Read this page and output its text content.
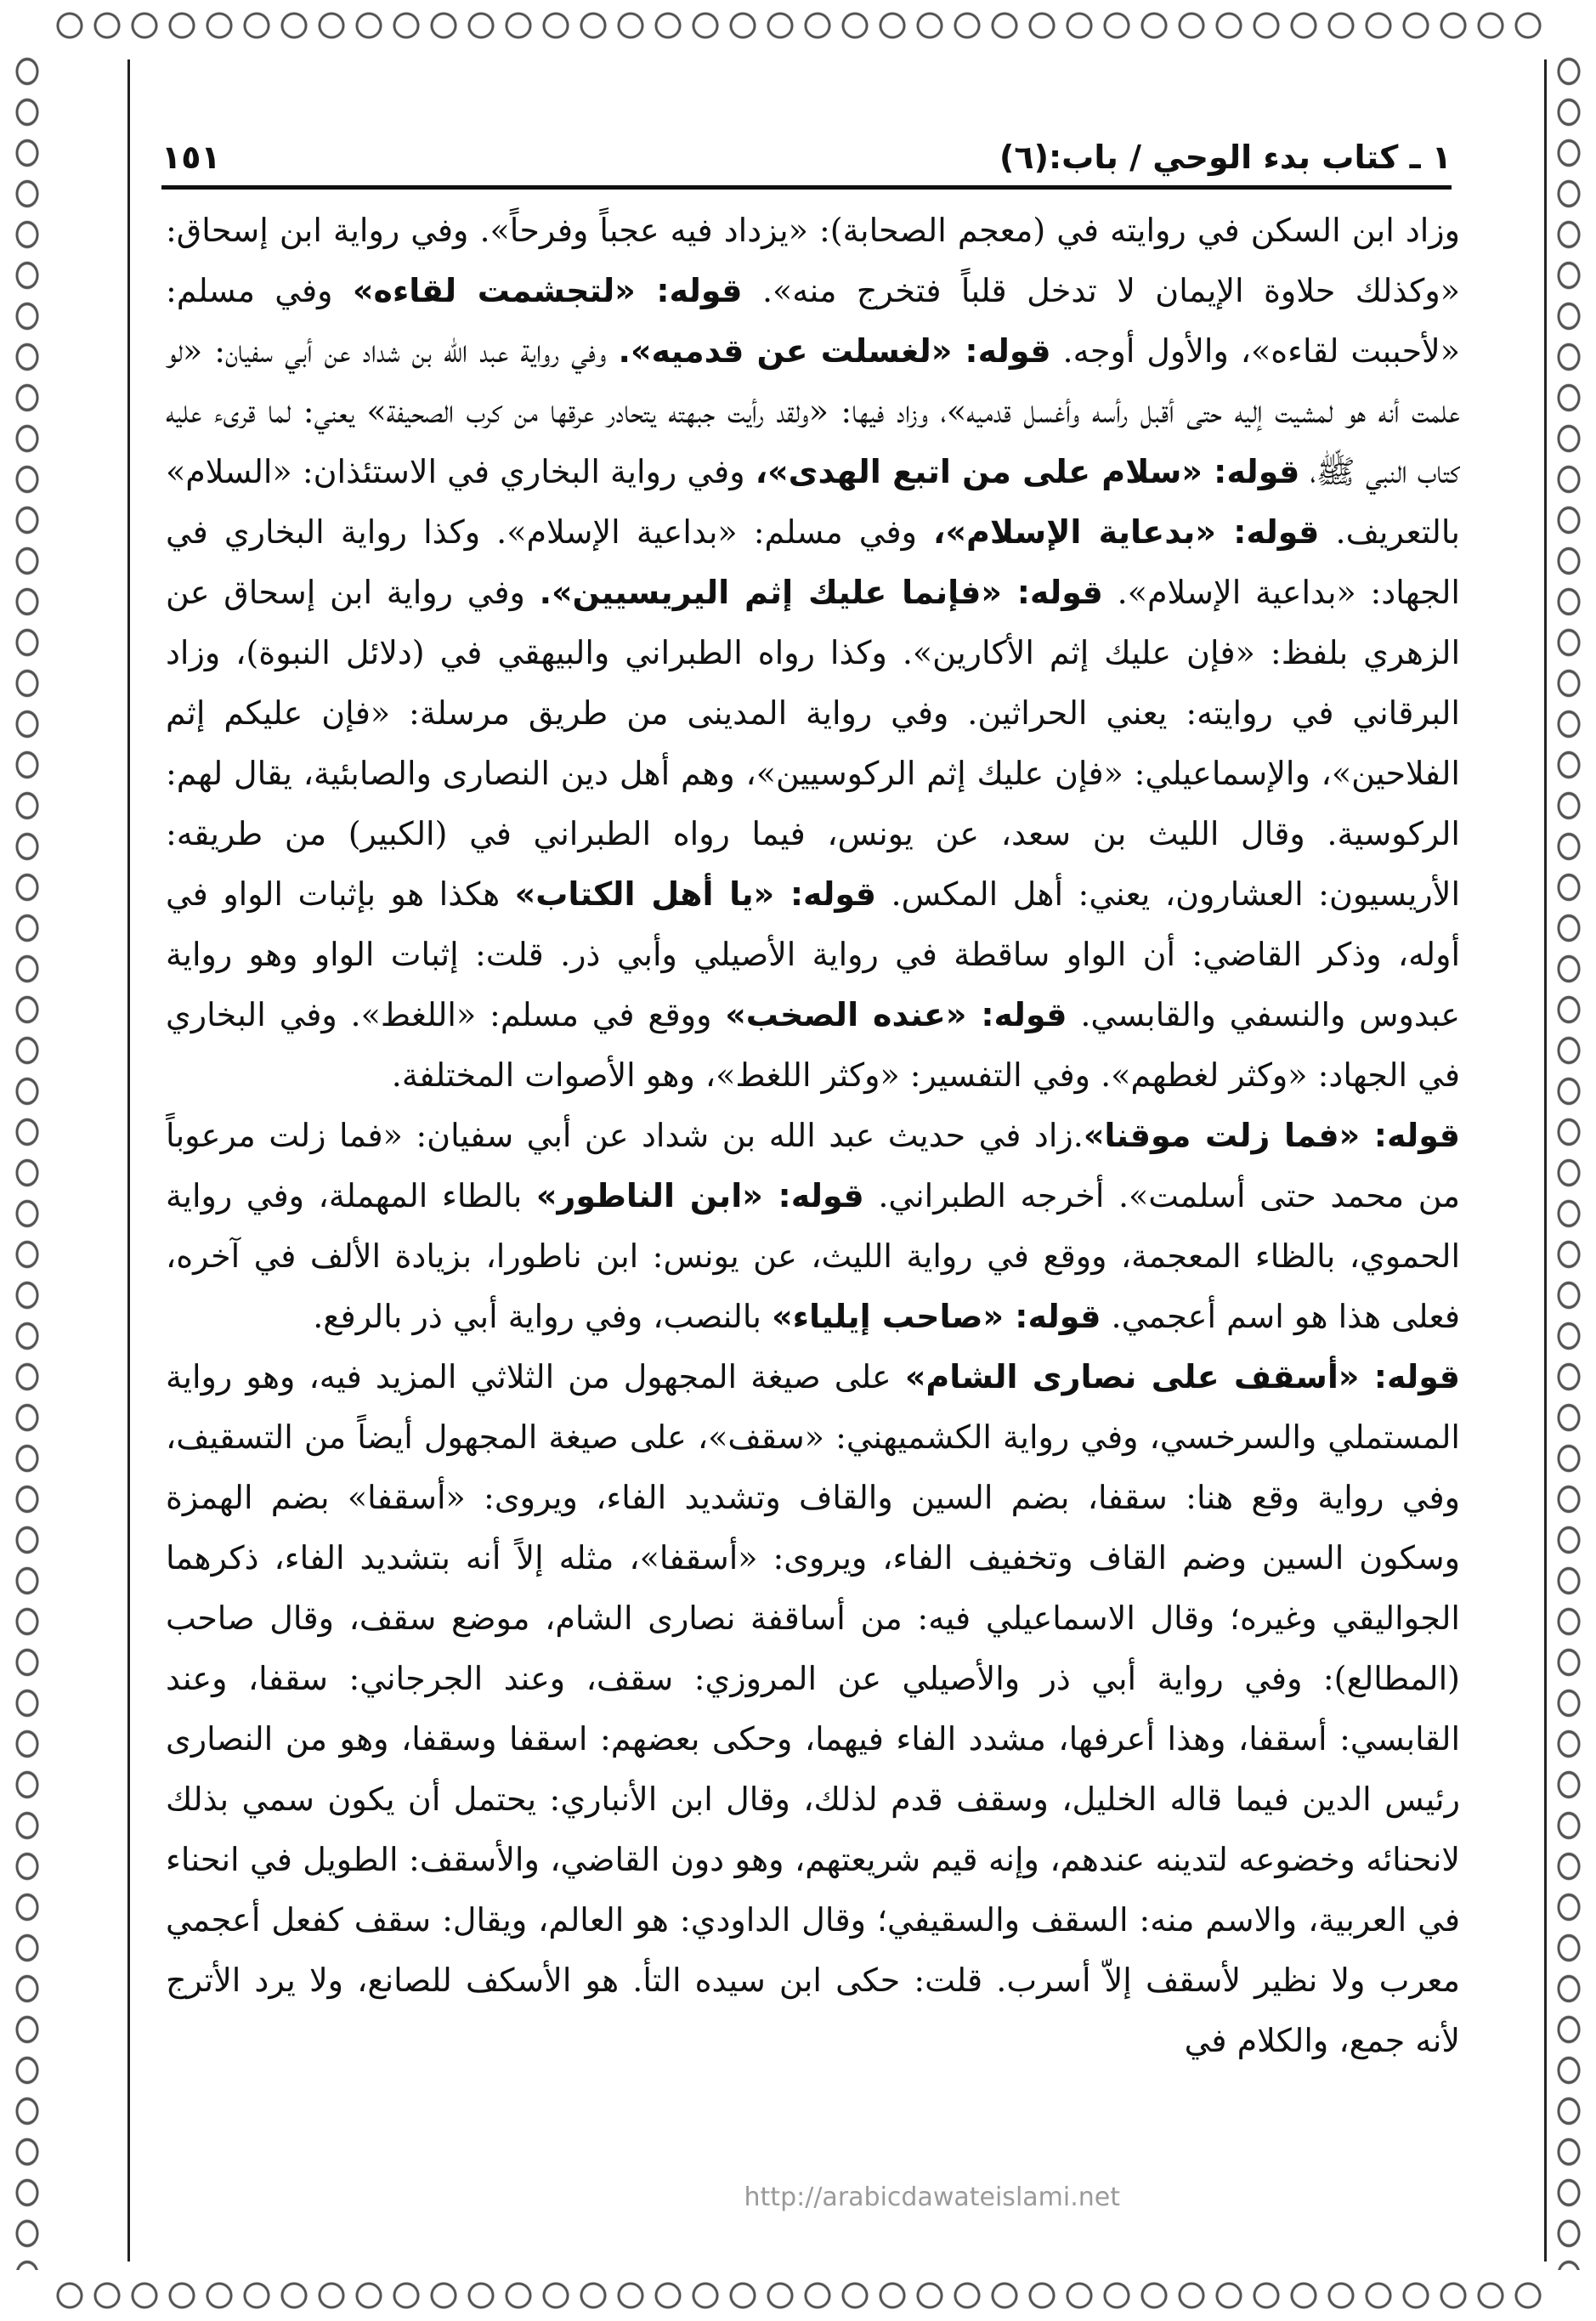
١ ـ كتاب بدء الوحي / باب:(٦)
١٥١

وزاد ابن السكن في روايته في (معجم الصحابة): «يزداد فيه عجباً وفرحاً». وفي رواية ابن إسحاق: «وكذلك حلاوة الإيمان لا تدخل قلباً فتخرج منه». قوله: «لتجشمت لقاءه» وفي مسلم: «لأحببت لقاءه»، والأول أوجه. قوله: «لغسلت عن قدميه». وفي رواية عبد الله بن شداد عن أبي سفيان: «لو علمت أنه هو لمشيت إليه حتى أقبل رأسه وأغسل قدميه»، وزاد فيها: «ولقد رأيت جبهته يتحادر عرقها من كرب الصحيفة» يعني: لما قرىء عليه كتاب النبي ﷺ، قوله: «سلام على من اتبع الهدى»، وفي رواية البخاري في الاستئذان: «السلام» بالتعريف. قوله: «بدعاية الإسلام»، وفي مسلم: «بداعية الإسلام». وكذا رواية البخاري في الجهاد: «بداعية الإسلام». قوله: «فإنما عليك إثم اليريسيين». وفي رواية ابن إسحاق عن الزهري بلفظ: «فإن عليك إثم الأكارين». وكذا رواه الطبراني والبيهقي في (دلائل النبوة)، وزاد البرقاني في روايته: يعني الحراثين. وفي رواية المدينى من طريق مرسلة: «فإن عليكم إثم الفلاحين»، والإسماعيلي: «فإن عليك إثم الركوسيين»، وهم أهل دين النصارى والصابئية، يقال لهم: الركوسية. وقال الليث بن سعد، عن يونس، فيما رواه الطبراني في (الكبير) من طريقه: الأريسيون: العشارون، يعني: أهل المكس. قوله: «يا أهل الكتاب» هكذا هو بإثبات الواو في أوله، وذكر القاضي: أن الواو ساقطة في رواية الأصيلي وأبي ذر. قلت: إثبات الواو وهو رواية عبدوس والنسفي والقابسي. قوله: «عنده الصخب» ووقع في مسلم: «اللغط». وفي البخاري في الجهاد: «وكثر لغطهم». وفي التفسير: «وكثر اللغط»، وهو الأصوات المختلفة.

قوله: «فما زلت موقنا».زاد في حديث عبد الله بن شداد عن أبي سفيان: «فما زلت مرعوباً من محمد حتى أسلمت». أخرجه الطبراني. قوله: «ابن الناطور» بالطاء المهملة، وفي رواية الحموي، بالظاء المعجمة، ووقع في رواية الليث، عن يونس: ابن ناطورا، بزيادة الألف في آخره، فعلى هذا هو اسم أعجمي. قوله: «صاحب إيلياء» بالنصب، وفي رواية أبي ذر بالرفع.

قوله: «أسقف على نصارى الشام» على صيغة المجهول من الثلاثي المزيد فيه، وهو رواية المستملي والسرخسي، وفي رواية الكشميهني: «سقف»، على صيغة المجهول أيضاً من التسقيف، وفي رواية وقع هنا: سقفا، بضم السين والقاف وتشديد الفاء، ويروى: «أسقفا» بضم الهمزة وسكون السين وضم القاف وتخفيف الفاء، ويروى: «أسقفا»، مثله إلاً أنه بتشديد الفاء، ذكرهما الجواليقي وغيره؛ وقال الاسماعيلي فيه: من أساقفة نصارى الشام، موضع سقف، وقال صاحب (المطالع): وفي رواية أبي ذر والأصيلي عن المروزي: سقف، وعند الجرجاني: سقفا، وعند القابسي: أسقفا، وهذا أعرفها، مشدد الفاء فيهما، وحكى بعضهم: اسقفا وسقفا، وهو من النصارى رئيس الدين فيما قاله الخليل، وسقف قدم لذلك، وقال ابن الأنباري: يحتمل أن يكون سمي بذلك لانحنائه وخضوعه لتدينه عندهم، وإنه قيم شريعتهم، وهو دون القاضي، والأسقف: الطويل في انحناء في العربية، والاسم منه: السقف والسقيفي؛ وقال الداودي: هو العالم، ويقال: سقف كفعل أعجمي معرب ولا نظير لأسقف إلاّ أسرب. قلت: حكى ابن سيده التأ. هو الأسكف للصانع، ولا يرد الأترج لأنه جمع، والكلام في

http://arabicdawateislami.net
